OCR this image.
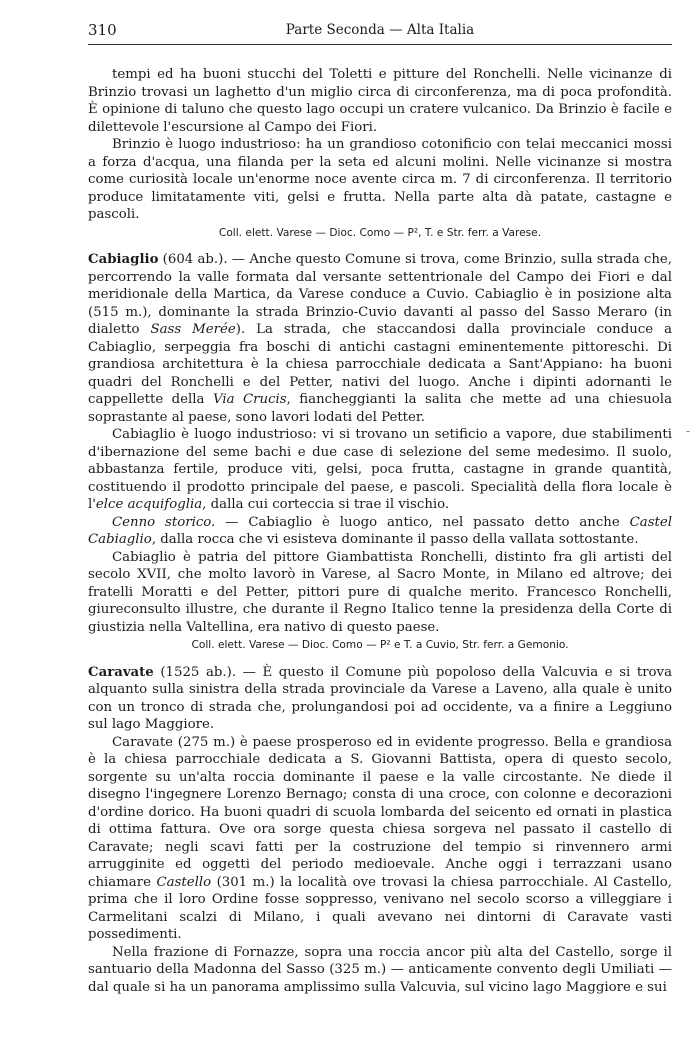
310	Parte Seconda — Alta Italia

tempi ed ha buoni stucchi del Toletti e pitture del Ronchelli. Nelle vicinanze di Brinzio trovasi un laghetto d'un miglio circa di circonferenza, ma di poca profondità. È opinione di taluno che questo lago occupi un cratere vulcanico. Da Brinzio è facile e dilettevole l'escursione al Campo dei Fiori.

Brinzio è luogo industrioso: ha un grandioso cotonificio con telai meccanici mossi a forza d'acqua, una filanda per la seta ed alcuni molini. Nelle vicinanze si mostra come curiosità locale un'enorme noce avente circa m. 7 di circonferenza. Il territorio produce limitatamente viti, gelsi e frutta. Nella parte alta dà patate, castagne e pascoli.

Coll. elett. Varese — Dioc. Como — P², T. e Str. ferr. a Varese.

Cabiaglio (604 ab.). — Anche questo Comune si trova, come Brinzio, sulla strada che, percorrendo la valle formata dal versante settentrionale del Campo dei Fiori e dal meridionale della Martica, da Varese conduce a Cuvio. Cabiaglio è in posizione alta (515 m.), dominante la strada Brinzio-Cuvio davanti al passo del Sasso Meraro (in dialetto Sass Merée). La strada, che staccandosi dalla provinciale conduce a Cabiaglio, serpeggia fra boschi di antichi castagni eminentemente pittoreschi. Di grandiosa architettura è la chiesa parrocchiale dedicata a Sant'Appiano: ha buoni quadri del Ronchelli e del Petter, nativi del luogo. Anche i dipinti adornanti le cappellette della Via Crucis, fiancheggianti la salita che mette ad una chiesuola soprastante al paese, sono lavori lodati del Petter.

Cabiaglio è luogo industrioso: vi si trovano un setificio a vapore, due stabilimenti d'ibernazione del seme bachi e due case di selezione del seme medesimo. Il suolo, abbastanza fertile, produce viti, gelsi, poca frutta, castagne in grande quantità, costituendo il prodotto principale del paese, e pascoli. Specialità della flora locale è l'elce acquifoglia, dalla cui corteccia si trae il vischio.

Cenno storico. — Cabiaglio è luogo antico, nel passato detto anche Castel Cabiaglio, dalla rocca che vi esisteva dominante il passo della vallata sottostante.

Cabiaglio è patria del pittore Giambattista Ronchelli, distinto fra gli artisti del secolo XVII, che molto lavorò in Varese, al Sacro Monte, in Milano ed altrove; dei fratelli Moratti e del Petter, pittori pure di qualche merito. Francesco Ronchelli, giureconsulto illustre, che durante il Regno Italico tenne la presidenza della Corte di giustizia nella Valtellina, era nativo di questo paese.

Coll. elett. Varese — Dioc. Como — P² e T. a Cuvio, Str. ferr. a Gemonio.

Caravate (1525 ab.). — È questo il Comune più popoloso della Valcuvia e si trova alquanto sulla sinistra della strada provinciale da Varese a Laveno, alla quale è unito con un tronco di strada che, prolungandosi poi ad occidente, va a finire a Leggiuno sul lago Maggiore.

Caravate (275 m.) è paese prosperoso ed in evidente progresso. Bella e grandiosa è la chiesa parrocchiale dedicata a S. Giovanni Battista, opera di questo secolo, sorgente su un'alta roccia dominante il paese e la valle circostante. Ne diede il disegno l'ingegnere Lorenzo Bernago; consta di una croce, con colonne e decorazioni d'ordine dorico. Ha buoni quadri di scuola lombarda del seicento ed ornati in plastica di ottima fattura. Ove ora sorge questa chiesa sorgeva nel passato il castello di Caravate; negli scavi fatti per la costruzione del tempio si rinvennero armi arrugginite ed oggetti del periodo medioevale. Anche oggi i terrazzani usano chiamare Castello (301 m.) la località ove trovasi la chiesa parrocchiale. Al Castello, prima che il loro Ordine fosse soppresso, venivano nel secolo scorso a villeggiare i Carmelitani scalzi di Milano, i quali avevano nei dintorni di Caravate vasti possedimenti.

Nella frazione di Fornazze, sopra una roccia ancor più alta del Castello, sorge il santuario della Madonna del Sasso (325 m.) — anticamente convento degli Umiliati — dal quale si ha un panorama amplissimo sulla Valcuvia, sul vicino lago Maggiore e sui

-
